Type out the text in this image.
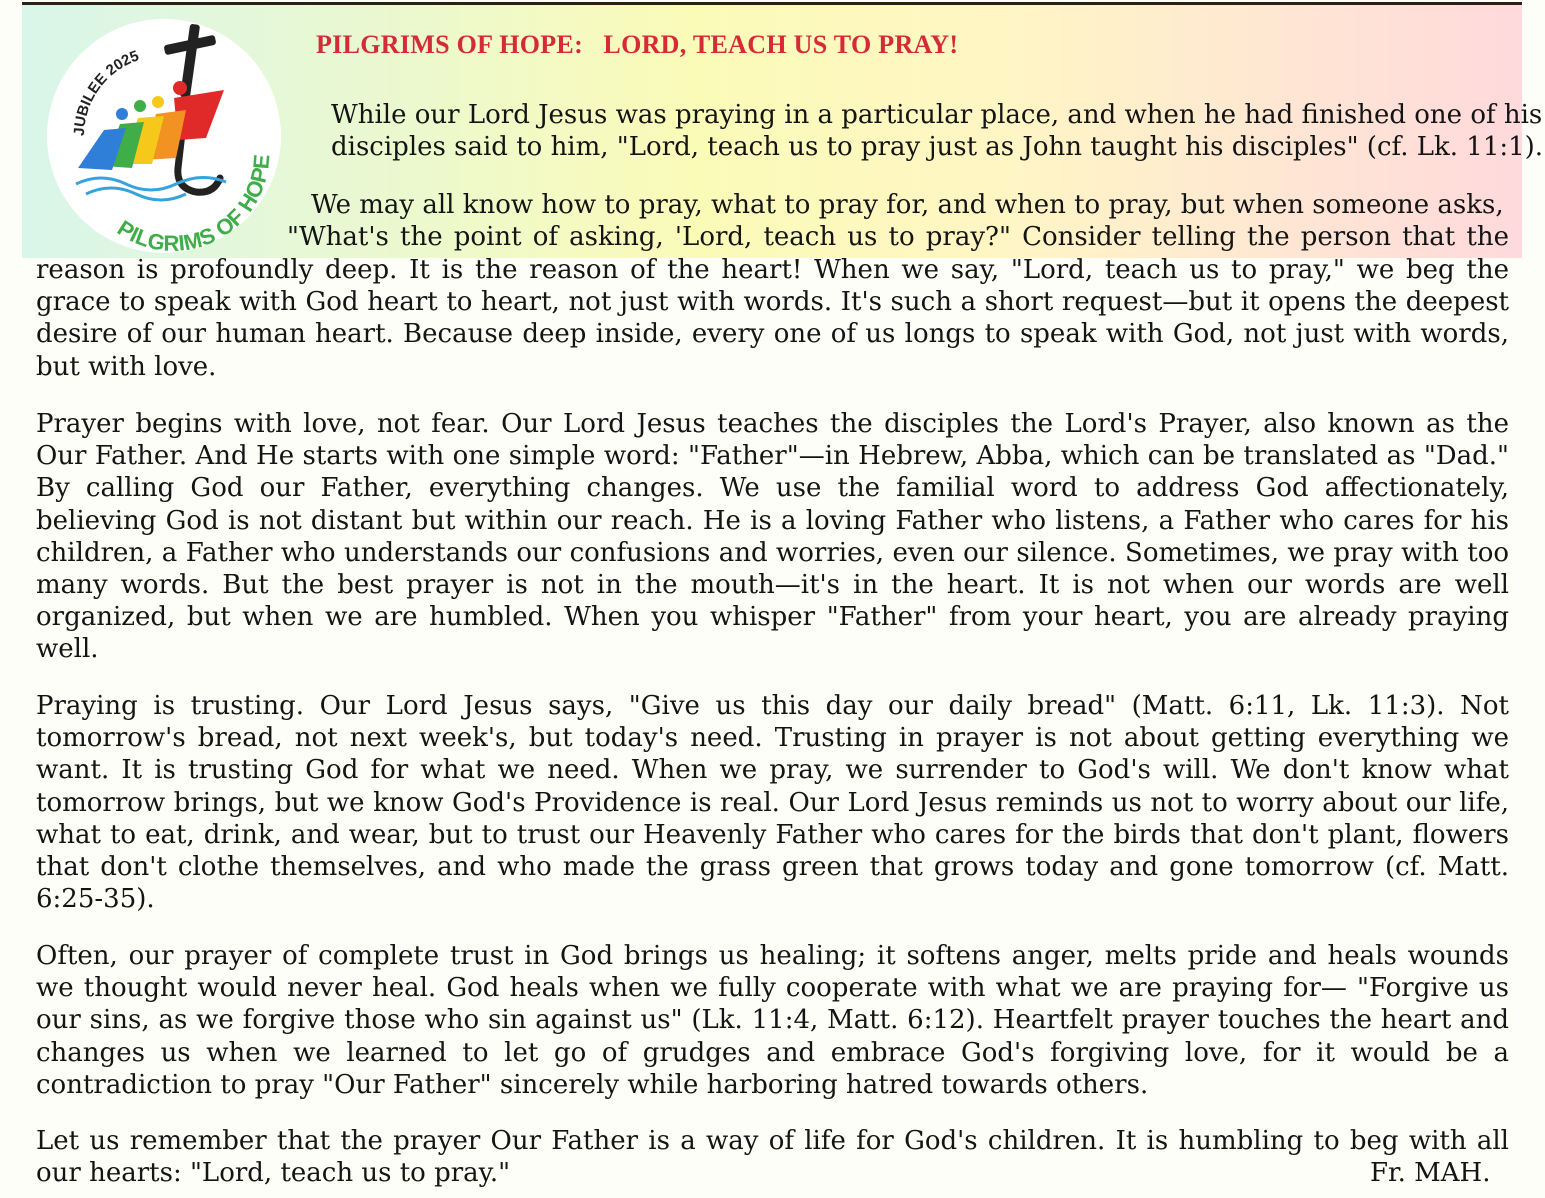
JUBILEE 2025
PILGRIMS OF HOPE
PILGRIMS OF HOPE:   LORD, TEACH US TO PRAY!

While our Lord Jesus was praying in a particular place, and when he had finished one of his

disciples said to him, "Lord, teach us to pray just as John taught his disciples" (cf. Lk. 11:1).

We may all know how to pray, what to pray for, and when to pray, but when someone asks,

"What's the point of asking, 'Lord, teach us to pray?" Consider telling the person that the

reason is profoundly deep. It is the reason of the heart! When we say, "Lord, teach us to pray," we beg the grace to speak with God heart to heart, not just with words. It's such a short request—but it opens the deepest desire of our human heart. Because deep inside, every one of us longs to speak with God, not just with words, but with love.

Prayer begins with love, not fear. Our Lord Jesus teaches the disciples the Lord's Prayer, also known as the Our Father. And He starts with one simple word: "Father"—in Hebrew, Abba, which can be translated as "Dad." By calling God our Father, everything changes. We use the familial word to address God affectionately, believing God is not distant but within our reach. He is a loving Father who listens, a Father who cares for his children, a Father who understands our confusions and worries, even our silence. Sometimes, we pray with too many words. But the best prayer is not in the mouth—it's in the heart. It is not when our words are well organized, but when we are humbled. When you whisper "Father" from your heart, you are already praying well.

Praying is trusting. Our Lord Jesus says, "Give us this day our daily bread" (Matt. 6:11, Lk. 11:3). Not tomorrow's bread, not next week's, but today's need. Trusting in prayer is not about getting everything we want. It is trusting God for what we need. When we pray, we surrender to God's will. We don't know what tomorrow brings, but we know God's Providence is real. Our Lord Jesus reminds us not to worry about our life, what to eat, drink, and wear, but to trust our Heavenly Father who cares for the birds that don't plant, flowers that don't clothe themselves, and who made the grass green that grows today and gone tomorrow (cf. Matt. 6:25-35).

Often, our prayer of complete trust in God brings us healing; it softens anger, melts pride and heals wounds we thought would never heal. God heals when we fully cooperate with what we are praying for— "Forgive us our sins, as we forgive those who sin against us" (Lk. 11:4, Matt. 6:12). Heartfelt prayer touches the heart and changes us when we learned to let go of grudges and embrace God's forgiving love, for it would be a contradiction to pray "Our Father" sincerely while harboring hatred towards others.

Let us remember that the prayer Our Father is a way of life for God's children. It is humbling to beg with all

our hearts: "Lord, teach us to pray."	Fr. MAH.
